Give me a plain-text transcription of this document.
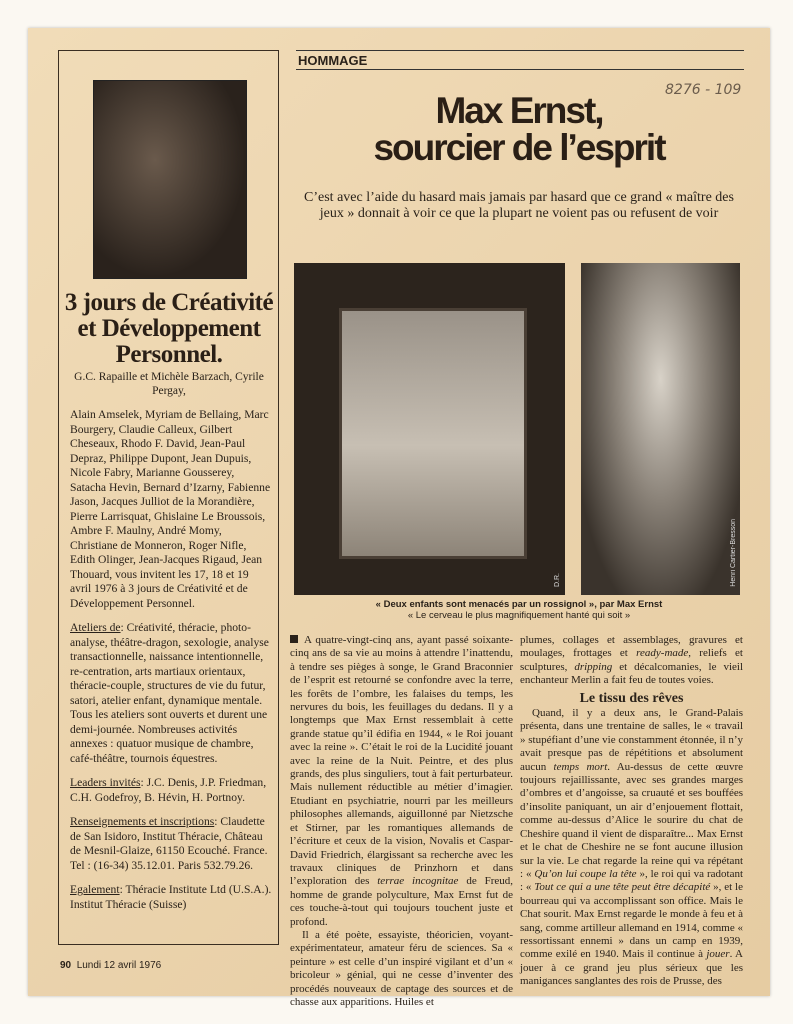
3 jours de Créativité et Développement Personnel.
G.C. Rapaille et Michèle Barzach, Cyrile Pergay,
Alain Amselek, Myriam de Bellaing, Marc Bourgery, Claudie Calleux, Gilbert Cheseaux, Rhodo F. David, Jean-Paul Depraz, Philippe Dupont, Jean Dupuis, Nicole Fabry, Marianne Gousserey, Satacha Hevin, Bernard d’Izarny, Fabienne Jason, Jacques Julliot de la Morandière, Pierre Larrisquat, Ghislaine Le Broussois, Ambre F. Maulny, André Momy, Christiane de Monneron, Roger Nifle, Edith Olinger, Jean-Jacques Rigaud, Jean Thouard, vous invitent les 17, 18 et 19 avril 1976 à 3 jours de Créativité et de Développement Personnel.
Ateliers de: Créativité, théracie, photo-analyse, théâtre-dragon, sexologie, analyse transactionnelle, naissance intentionnelle, re-centration, arts martiaux orientaux, théracie-couple, structures de vie du futur, satori, atelier enfant, dynamique mentale. Tous les ateliers sont ouverts et durent une demi-journée. Nombreuses activités annexes : quatuor musique de chambre, café-théâtre, tournois équestres.
Leaders invités: J.C. Denis, J.P. Friedman, C.H. Godefroy, B. Hévin, H. Portnoy.
Renseignements et inscriptions: Claudette de San Isidoro, Institut Théracie, Château de Mesnil-Glaize, 61150 Ecouché. France. Tel : (16-34) 35.12.01. Paris 532.79.26.
Egalement: Théracie Institute Ltd (U.S.A.). Institut Théracie (Suisse)
HOMMAGE
8276 - 109
Max Ernst,
sourcier de l’esprit
C’est avec l’aide du hasard mais jamais par hasard que ce grand « maître des jeux » donnait à voir ce que la plupart ne voient pas ou refusent de voir
D.R.	Henri Cartier-Bresson
« Deux enfants sont menacés par un rossignol », par Max Ernst
« Le cerveau le plus magnifiquement hanté qui soit »

A quatre-vingt-cinq ans, ayant passé soixante-cinq ans de sa vie au moins à attendre l’inattendu, à tendre ses pièges à songe, le Grand Braconnier de l’esprit est retourné se confondre avec la terre, les forêts de l’ombre, les falaises du temps, les nervures du bois, les feuillages du dedans. Il y a longtemps que Max Ernst ressemblait à cette grande statue qu’il édifia en 1944, « le Roi jouant avec la reine ». C’était le roi de la Lucidité jouant avec la reine de la Nuit. Peintre, et des plus grands, des plus singuliers, tout à fait perturbateur. Mais nullement réductible au métier d’imagier. Etudiant en psychiatrie, nourri par les meilleurs philosophes allemands, aiguillonné par Nietzsche et Stirner, par les romantiques allemands de l’écriture et ceux de la vision, Novalis et Caspar-David Friedrich, élargissant sa recherche avec les travaux cliniques de Prinzhorn et dans l’exploration des terrae incognitae de Freud, homme de grande polyculture, Max Ernst fut de ces touche-à-tout qui toujours touchent juste et profond.

Il a été poète, essayiste, théoricien, voyant-expérimentateur, amateur féru de sciences. Sa « peinture » est celle d’un inspiré vigilant et d’un « bricoleur » génial, qui ne cesse d’inventer des procédés nouveaux de captage des sources et de chasse aux apparitions. Huiles et

plumes, collages et assemblages, gravures et moulages, frottages et ready-made, reliefs et sculptures, dripping et décalcomanies, le vieil enchanteur Merlin a fait feu de toutes voies.

Le tissu des rêves

Quand, il y a deux ans, le Grand-Palais présenta, dans une trentaine de salles, le « travail » stupéfiant d’une vie constamment étonnée, il n’y avait presque pas de répétitions et absolument aucun temps mort. Au-dessus de cette œuvre toujours rejaillissante, avec ses grandes marges d’ombres et d’angoisse, sa cruauté et ses bouffées d’insolite paniquant, un air d’enjouement flottait, comme au-dessus d’Alice le sourire du chat de Cheshire quand il vient de disparaître... Max Ernst et le chat de Cheshire ne se font aucune illusion sur la vie. Le chat regarde la reine qui va répétant : « Qu’on lui coupe la tête », le roi qui va radotant : « Tout ce qui a une tête peut être décapité », et le bourreau qui va accomplissant son office. Mais le Chat sourit. Max Ernst regarde le monde à feu et à sang, comme artilleur allemand en 1914, comme « ressortissant ennemi » dans un camp en 1939, comme exilé en 1940. Mais il continue à jouer. A jouer à ce grand jeu plus sérieux que les manigances sanglantes des rois de Prusse, des

90 Lundi 12 avril 1976
